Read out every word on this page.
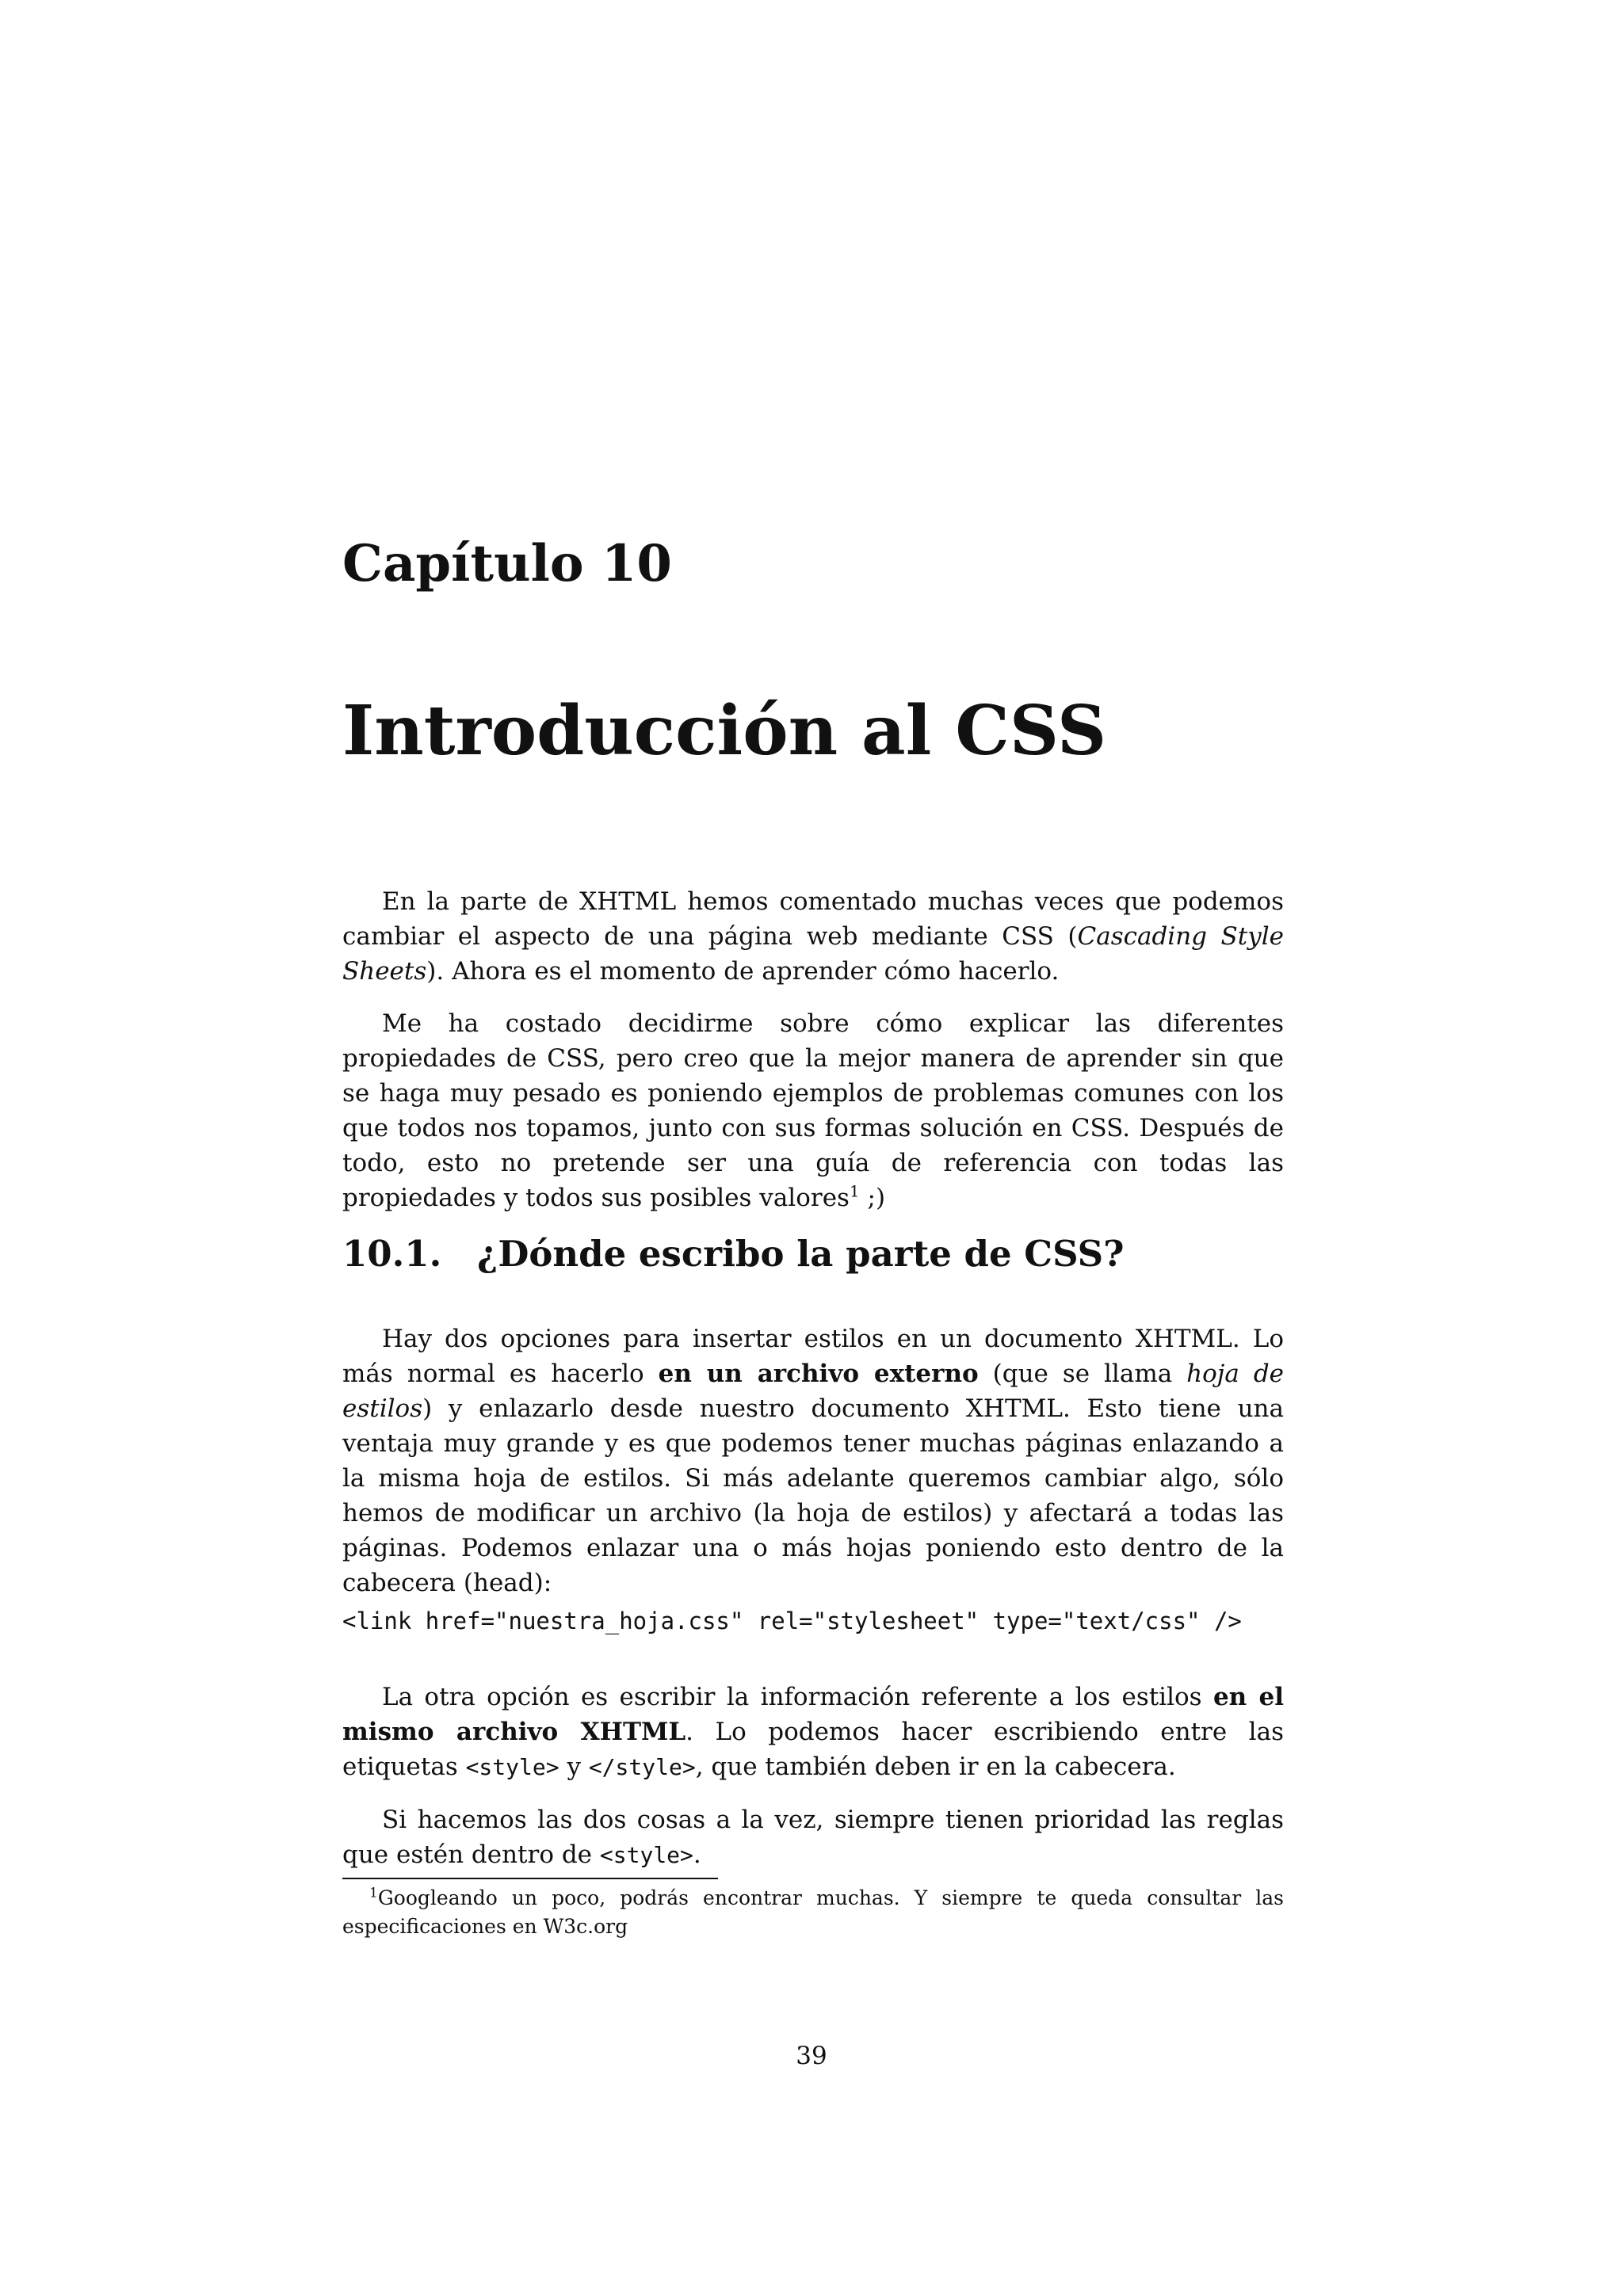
Capítulo 10
Introducción al CSS

En la parte de XHTML hemos comentado muchas veces que podemos cambiar el aspecto de una página web mediante CSS (Cascading Style Sheets). Ahora es el momento de aprender cómo hacerlo.

Me ha costado decidirme sobre cómo explicar las diferentes propiedades de CSS, pero creo que la mejor manera de aprender sin que se haga muy pesado es poniendo ejemplos de problemas comunes con los que todos nos topamos, junto con sus formas solución en CSS. Después de todo, esto no pretende ser una guía de referencia con todas las propiedades y todos sus posibles valores$^1$ ;)

10.1. ¿Dónde escribo la parte de CSS?

Hay dos opciones para insertar estilos en un documento XHTML. Lo más normal es hacerlo en un archivo externo (que se llama hoja de estilos) y enlazarlo desde nuestro documento XHTML. Esto tiene una ventaja muy grande y es que podemos tener muchas páginas enlazando a la misma hoja de estilos. Si más adelante queremos cambiar algo, sólo hemos de modificar un archivo (la hoja de estilos) y afectará a todas las páginas. Podemos enlazar una o más hojas poniendo esto dentro de la cabecera (head):

<link href="nuestra_hoja.css" rel="stylesheet" type="text/css" />

La otra opción es escribir la información referente a los estilos en el mismo archivo XHTML. Lo podemos hacer escribiendo entre las etiquetas <style> y </style>, que también deben ir en la cabecera.

Si hacemos las dos cosas a la vez, siempre tienen prioridad las reglas que estén dentro de <style>.

$^1$Googleando un poco, podrás encontrar muchas. Y siempre te queda consultar las especificaciones en W3c.org

39
